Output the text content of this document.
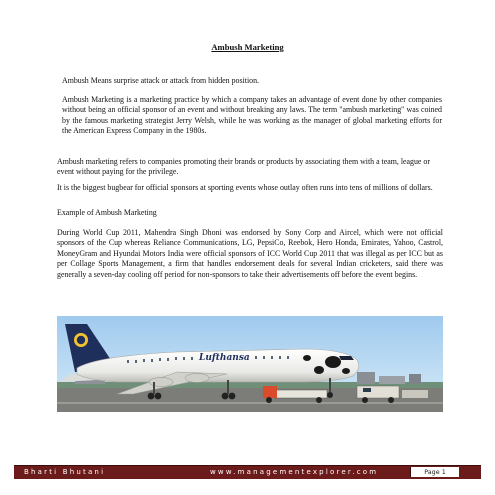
Ambush Marketing

Ambush Means surprise attack or attack from hidden position.

Ambush Marketing is a marketing practice by which a company takes an advantage of event done by other companies without being an official sponsor of an event and without breaking any laws. The term "ambush marketing" was coined by the famous marketing strategist Jerry Welsh, while he was working as the manager of global marketing efforts for the American Express Company in the 1980s.

Ambush marketing refers to companies promoting their brands or products by associating them with a team, league or event without paying for the privilege.

It is the biggest bugbear for official sponsors at sporting events whose outlay often runs into tens of millions of dollars.

Example of Ambush Marketing

During World Cup 2011, Mahendra Singh Dhoni was endorsed by Sony Corp and Aircel, which were not official sponsors of the Cup whereas Reliance Communications, LG, PepsiCo, Reebok, Hero Honda, Emirates, Yahoo, Castrol, MoneyGram and Hyundai Motors India were official sponsors of ICC World Cup 2011 that was illegal as per ICC but as per Collage Sports Management, a firm that handles endorsement deals for several Indian cricketers, said there was generally a seven-day cooling off period for non-sponsors to take their advertisements off before the event begins.

Lufthansa
Bharti Bhutani	www.managementexplorer.com	Page 1
